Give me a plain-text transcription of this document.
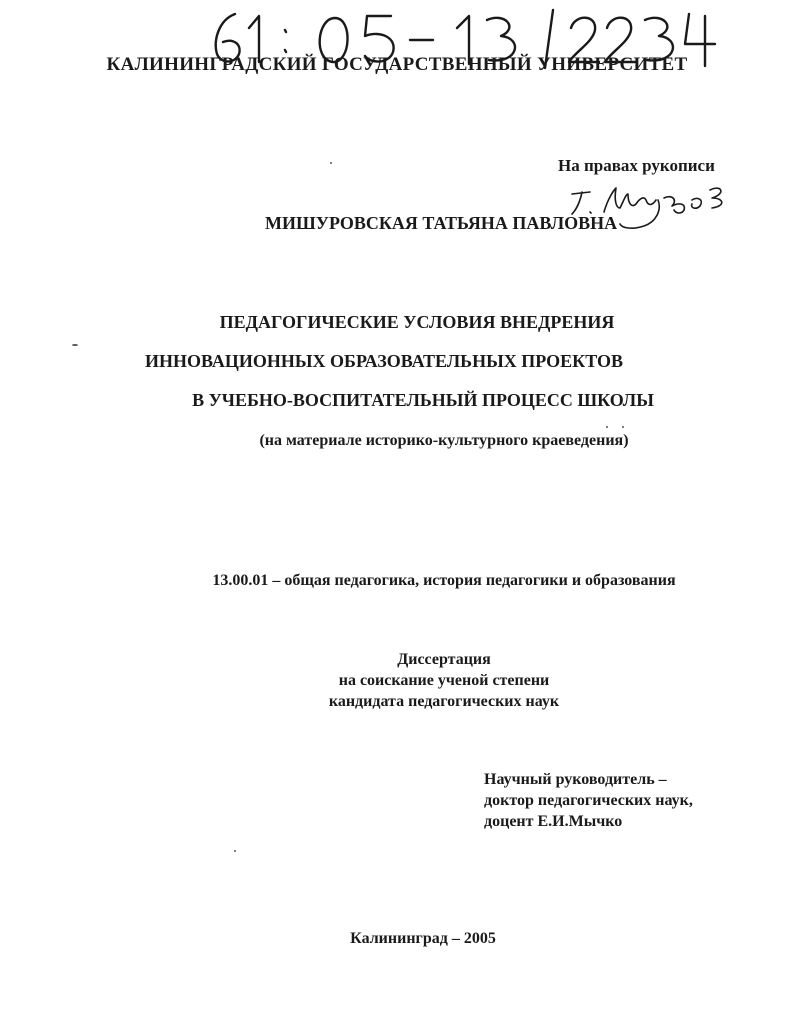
КАЛИНИНГРАДСКИЙ ГОСУДАРСТВЕННЫЙ УНИВЕРСИТЕТ
На правах рукописи
МИШУРОВСКАЯ ТАТЬЯНА ПАВЛОВНА
ПЕДАГОГИЧЕСКИЕ УСЛОВИЯ ВНЕДРЕНИЯ
ИННОВАЦИОННЫХ ОБРАЗОВАТЕЛЬНЫХ ПРОЕКТОВ
В УЧЕБНО-ВОСПИТАТЕЛЬНЫЙ ПРОЦЕСС ШКОЛЫ
(на материале историко-культурного краеведения)
13.00.01 – общая педагогика, история педагогики и образования
Диссертация
на соискание ученой степени
кандидата педагогических наук
Научный руководитель –
доктор педагогических наук,
доцент Е.И.Мычко
Калининград – 2005
